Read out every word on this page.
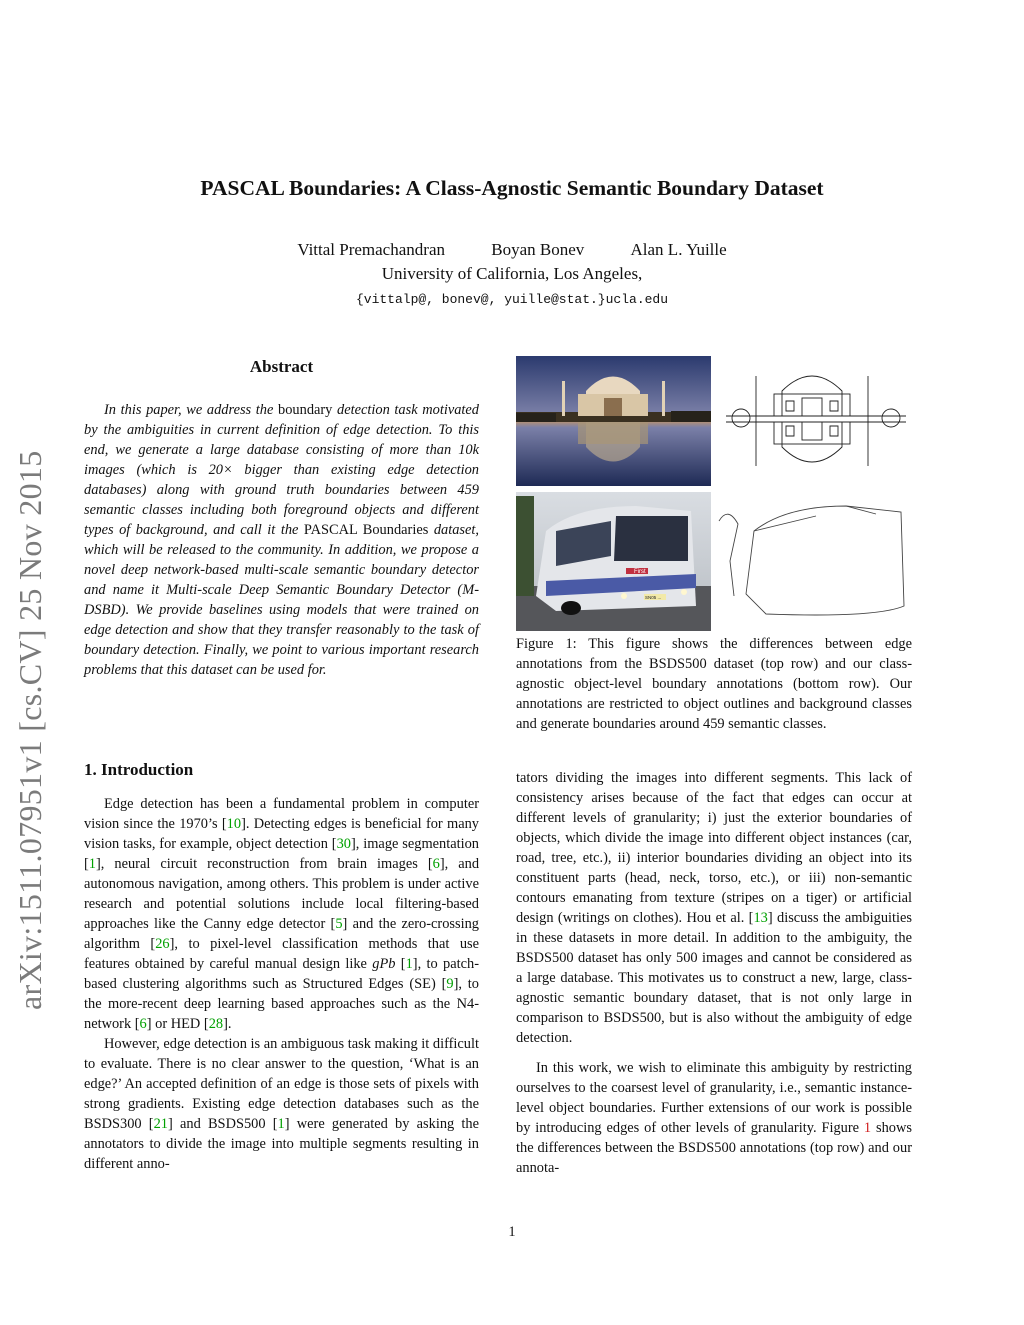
PASCAL Boundaries: A Class-Agnostic Semantic Boundary Dataset
Vittal Premachandran	Boyan Bonev	Alan L. Yuille
University of California, Los Angeles,
{vittalp@, bonev@, yuille@stat.}ucla.edu
arXiv:1511.07951v1 [cs.CV] 25 Nov 2015
Abstract
In this paper, we address the boundary detection task motivated by the ambiguities in current definition of edge detection. To this end, we generate a large database consisting of more than 10k images (which is 20× bigger than existing edge detection databases) along with ground truth boundaries between 459 semantic classes including both foreground objects and different types of background, and call it the PASCAL Boundaries dataset, which will be released to the community. In addition, we propose a novel deep network-based multi-scale semantic boundary detector and name it Multi-scale Deep Semantic Boundary Detector (M-DSBD). We provide baselines using models that were trained on edge detection and show that they transfer reasonably to the task of boundary detection. Finally, we point to various important research problems that this dataset can be used for.
1. Introduction

Edge detection has been a fundamental problem in computer vision since the 1970’s [10]. Detecting edges is beneficial for many vision tasks, for example, object detection [30], image segmentation [1], neural circuit reconstruction from brain images [6], and autonomous navigation, among others. This problem is under active research and potential solutions include local filtering-based approaches like the Canny edge detector [5] and the zero-crossing algorithm [26], to pixel-level classification methods that use features obtained by careful manual design like gPb [1], to patch-based clustering algorithms such as Structured Edges (SE) [9], to the more-recent deep learning based approaches such as the N4-network [6] or HED [28].

However, edge detection is an ambiguous task making it difficult to evaluate. There is no clear answer to the question, ‘What is an edge?’ An accepted definition of an edge is those sets of pixels with strong gradients. Existing edge detection databases such as the BSDS300 [21] and BSDS500 [1] were generated by asking the annotators to divide the image into multiple segments resulting in different anno-

First
SN05 ...
Figure 1: This figure shows the differences between edge annotations from the BSDS500 dataset (top row) and our class-agnostic object-level boundary annotations (bottom row). Our annotations are restricted to object outlines and background classes and generate boundaries around 459 semantic classes.

tators dividing the images into different segments. This lack of consistency arises because of the fact that edges can occur at different levels of granularity; i) just the exterior boundaries of objects, which divide the image into different object instances (car, road, tree, etc.), ii) interior boundaries dividing an object into its constituent parts (head, neck, torso, etc.), or iii) non-semantic contours emanating from texture (stripes on a tiger) or artificial design (writings on clothes). Hou et al. [13] discuss the ambiguities in these datasets in more detail. In addition to the ambiguity, the BSDS500 dataset has only 500 images and cannot be considered as a large database. This motivates us to construct a new, large, class-agnostic semantic boundary dataset, that is not only large in comparison to BSDS500, but is also without the ambiguity of edge detection.

In this work, we wish to eliminate this ambiguity by restricting ourselves to the coarsest level of granularity, i.e., semantic instance-level object boundaries. Further extensions of our work is possible by introducing edges of other levels of granularity. Figure 1 shows the differences between the BSDS500 annotations (top row) and our annota-

1
